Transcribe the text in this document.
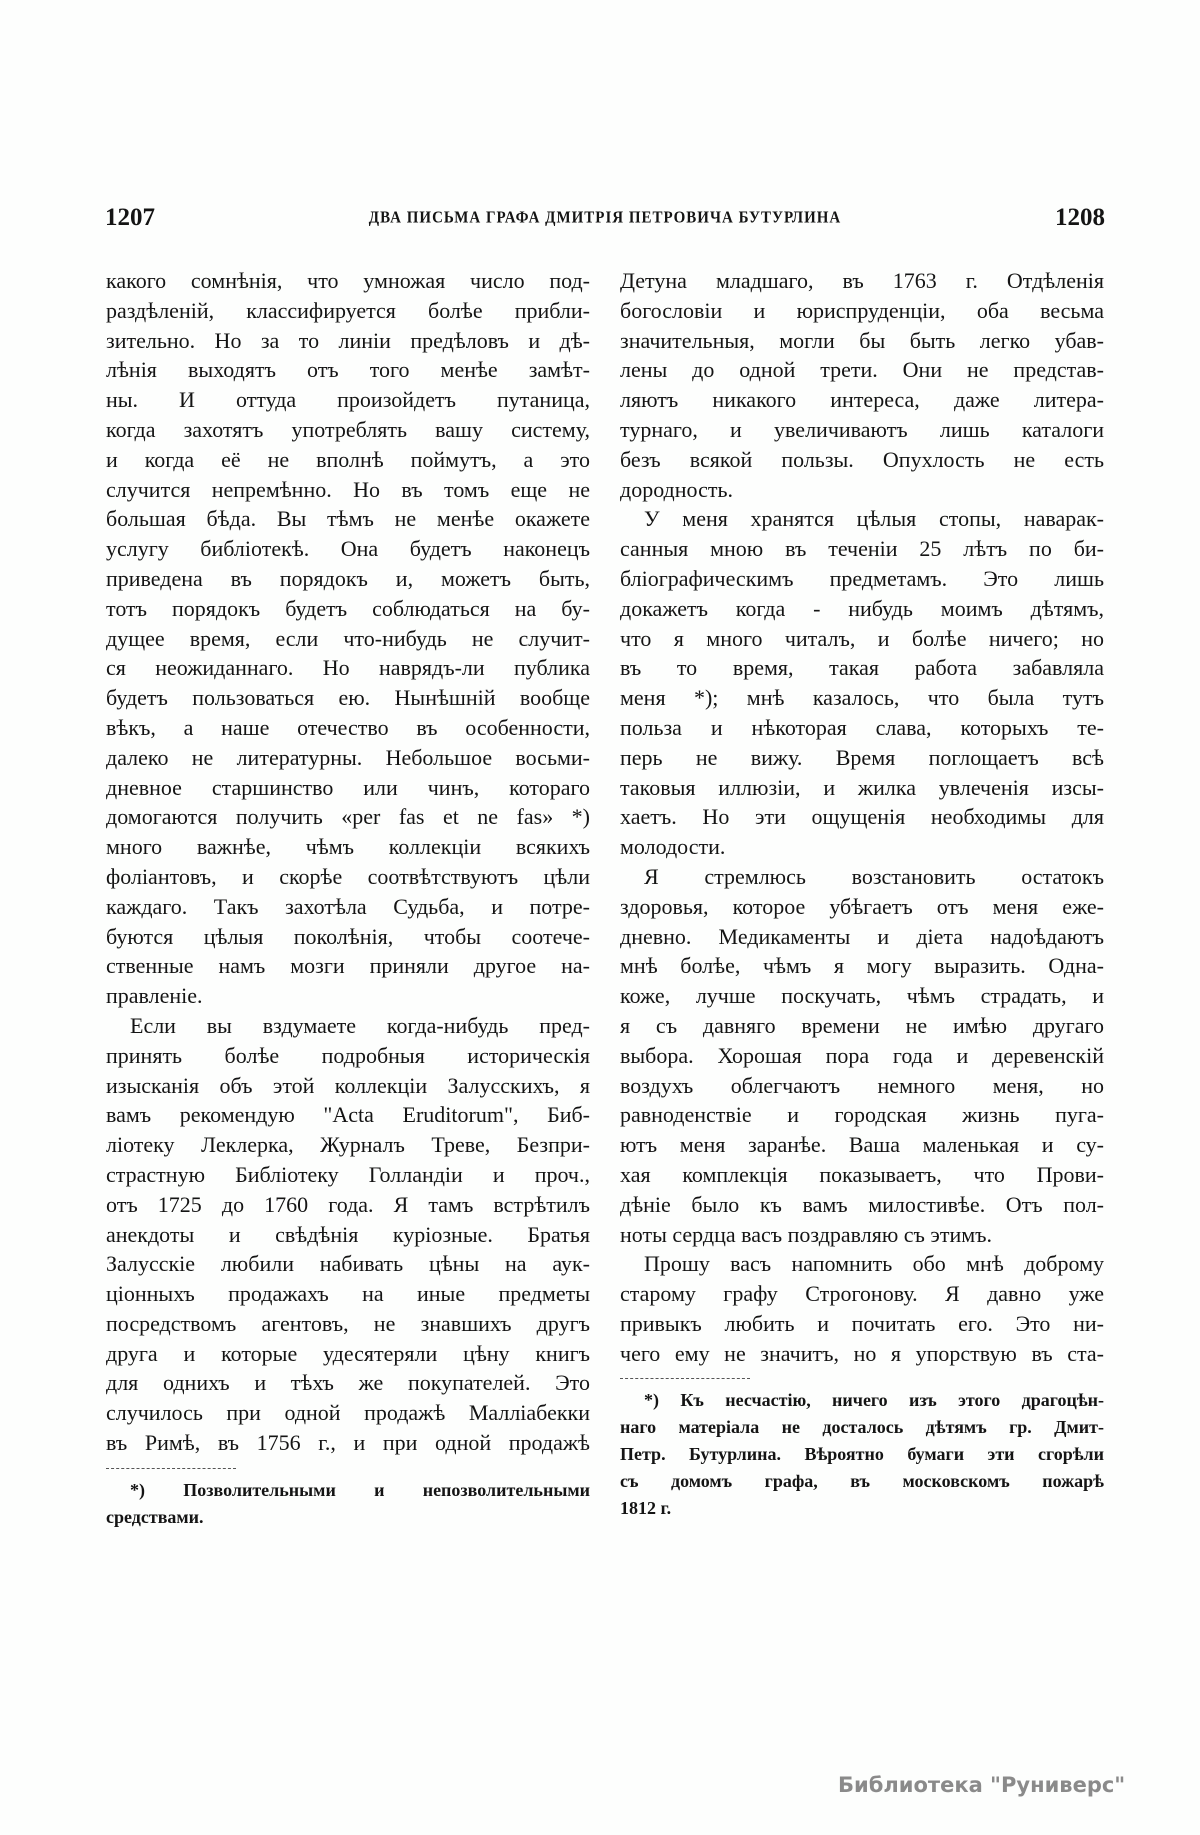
1207	ДВА ПИСЬМА ГРАФА ДМИТРІЯ ПЕТРОВИЧА БУТУРЛИНА	1208
какого сомнѣнія, что умножая число под-
раздѣленій, классифируется болѣе прибли-
зительно. Но за то линіи предѣловъ и дѣ-
лѣнія выходятъ отъ того менѣе замѣт-
ны. И оттуда произойдетъ путаница,
когда захотятъ употреблять вашу систему,
и когда её не вполнѣ поймутъ, а это
случится непремѣнно. Но въ томъ еще не
большая бѣда. Вы тѣмъ не менѣе окажете
услугу библіотекѣ. Она будетъ наконецъ
приведена въ порядокъ и, можетъ быть,
тотъ порядокъ будетъ соблюдаться на бу-
дущее время, если что-нибудь не случит-
ся неожиданнаго. Но наврядъ-ли публика
будетъ пользоваться ею. Нынѣшній вообще
вѣкъ, а наше отечество въ особенности,
далеко не литературны. Небольшое восьми-
дневное старшинство или чинъ, котораго
домогаются получить «per fas et ne fas» *)
много важнѣе, чѣмъ коллекціи всякихъ
фоліантовъ, и скорѣе соотвѣтствуютъ цѣли
каждаго. Такъ захотѣла Судьба, и потре-
буются цѣлыя поколѣнія, чтобы соотече-
ственные намъ мозги приняли другое на-
правленіе.
Если вы вздумаете когда-нибудь пред-
принять болѣе подробныя историческія
изысканія объ этой коллекціи Залусскихъ, я
вамъ рекомендую "Acta Eruditorum", Биб-
ліотеку Леклерка, Журналъ Треве, Безпри-
страстную Библіотеку Голландіи и проч.,
отъ 1725 до 1760 года. Я тамъ встрѣтилъ
анекдоты и свѣдѣнія куріозные. Братья
Залусскіе любили набивать цѣны на аук-
ціонныхъ продажахъ на иные предметы
посредствомъ агентовъ, не знавшихъ другъ
друга и которые удесятеряли цѣну книгъ
для однихъ и тѣхъ же покупателей. Это
случилось при одной продажѣ Малліабекки
въ Римѣ, въ 1756 г., и при одной продажѣ
*) Позволительными и непозволительными
средствами.
Детуна младшаго, въ 1763 г. Отдѣленія
богословіи и юриспруденціи, оба весьма
значительныя, могли бы быть легко убав-
лены до одной трети. Они не представ-
ляютъ никакого интереса, даже литера-
турнаго, и увеличиваютъ лишь каталоги
безъ всякой пользы. Опухлость не есть
дородность.
У меня хранятся цѣлыя стопы, наварак-
санныя мною въ теченіи 25 лѣтъ по би-
бліографическимъ предметамъ. Это лишь
докажетъ когда - нибудь моимъ дѣтямъ,
что я много читалъ, и болѣе ничего; но
въ то время, такая работа забавляла
меня *); мнѣ казалось, что была тутъ
польза и нѣкоторая слава, которыхъ те-
перь не вижу. Время поглощаетъ всѣ
таковыя иллюзіи, и жилка увлеченія изсы-
хаетъ. Но эти ощущенія необходимы для
молодости.
Я стремлюсь возстановить остатокъ
здоровья, которое убѣгаетъ отъ меня еже-
дневно. Медикаменты и діета надоѣдаютъ
мнѣ болѣе, чѣмъ я могу выразить. Одна-
коже, лучше поскучать, чѣмъ страдать, и
я съ давняго времени не имѣю другаго
выбора. Хорошая пора года и деревенскій
воздухъ облегчаютъ немного меня, но
равноденствіе и городская жизнь пуга-
ютъ меня заранѣе. Ваша маленькая и су-
хая комплекція показываетъ, что Прови-
дѣніе было къ вамъ милостивѣе. Отъ пол-
ноты сердца васъ поздравляю съ этимъ.
Прошу васъ напомнить обо мнѣ доброму
старому графу Строгонову. Я давно уже
привыкъ любить и почитать его. Это ни-
чего ему не значитъ, но я упорствую въ ста-
*) Къ несчастію, ничего изъ этого драгоцѣн-
наго матеріала не досталось дѣтямъ гр. Дмит-
Петр. Бутурлина. Вѣроятно бумаги эти сгорѣли
съ домомъ графа, въ московскомъ пожарѣ
1812 г.
Библиотека "Руниверс"
